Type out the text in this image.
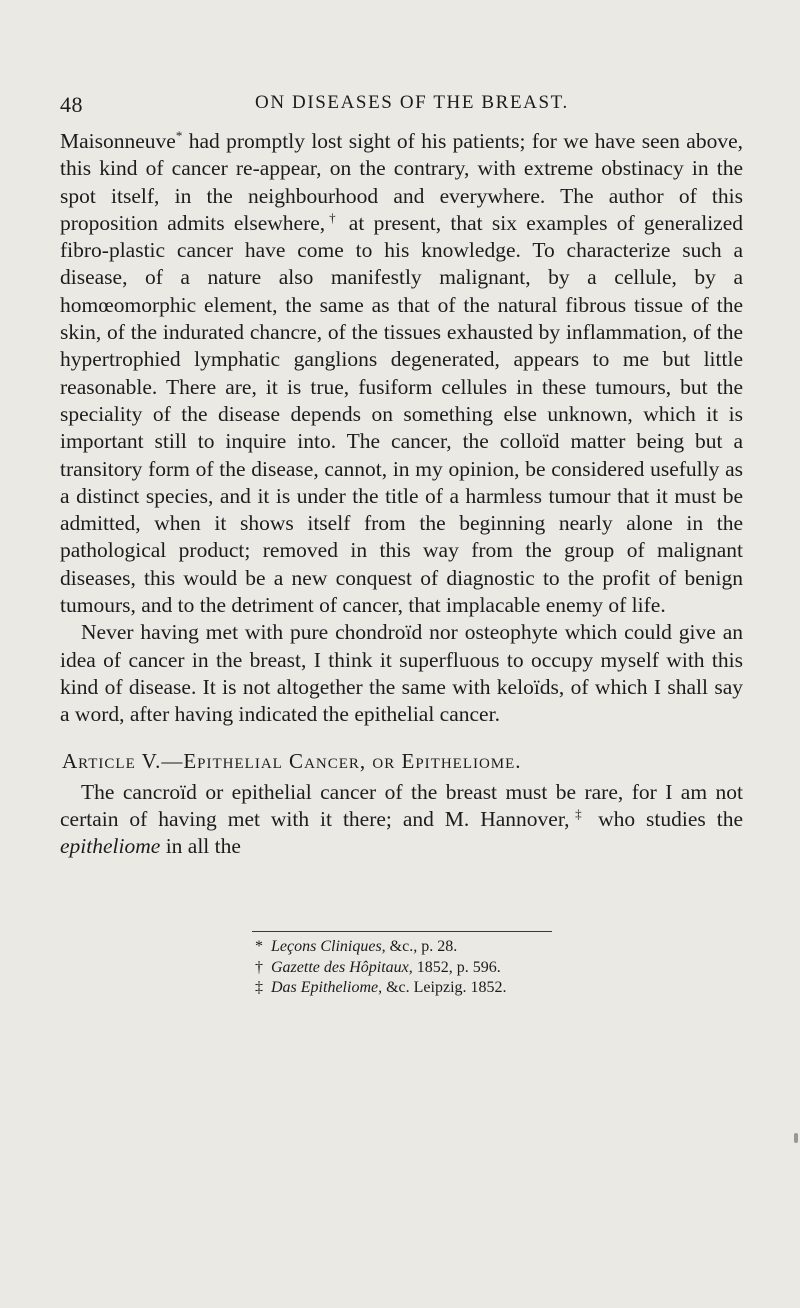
48	ON DISEASES OF THE BREAST.

Maisonneuve* had promptly lost sight of his patients; for we have seen above, this kind of cancer re-appear, on the contrary, with extreme obstinacy in the spot itself, in the neighbourhood and everywhere. The author of this proposition admits elsewhere,† at present, that six examples of generalized fibro-plastic cancer have come to his knowledge. To characterize such a disease, of a nature also manifestly malignant, by a cellule, by a homœomorphic element, the same as that of the natural fibrous tissue of the skin, of the indurated chancre, of the tissues exhausted by inflammation, of the hypertrophied lymphatic ganglions degenerated, appears to me but little reasonable. There are, it is true, fusiform cellules in these tumours, but the speciality of the disease depends on something else unknown, which it is important still to inquire into. The cancer, the colloïd matter being but a transitory form of the disease, cannot, in my opinion, be considered usefully as a distinct species, and it is under the title of a harmless tumour that it must be admitted, when it shows itself from the beginning nearly alone in the pathological product; removed in this way from the group of malignant diseases, this would be a new conquest of diagnostic to the profit of benign tumours, and to the detriment of cancer, that implacable enemy of life.

Never having met with pure chondroïd nor osteophyte which could give an idea of cancer in the breast, I think it superfluous to occupy myself with this kind of disease. It is not altogether the same with keloïds, of which I shall say a word, after having indicated the epithelial cancer.

Article V.—Epithelial Cancer, or Epitheliome.

The cancroïd or epithelial cancer of the breast must be rare, for I am not certain of having met with it there; and M. Hannover,‡ who studies the epitheliome in all the

* Leçons Cliniques, &c., p. 28.
† Gazette des Hôpitaux, 1852, p. 596.
‡ Das Epitheliome, &c. Leipzig. 1852.
